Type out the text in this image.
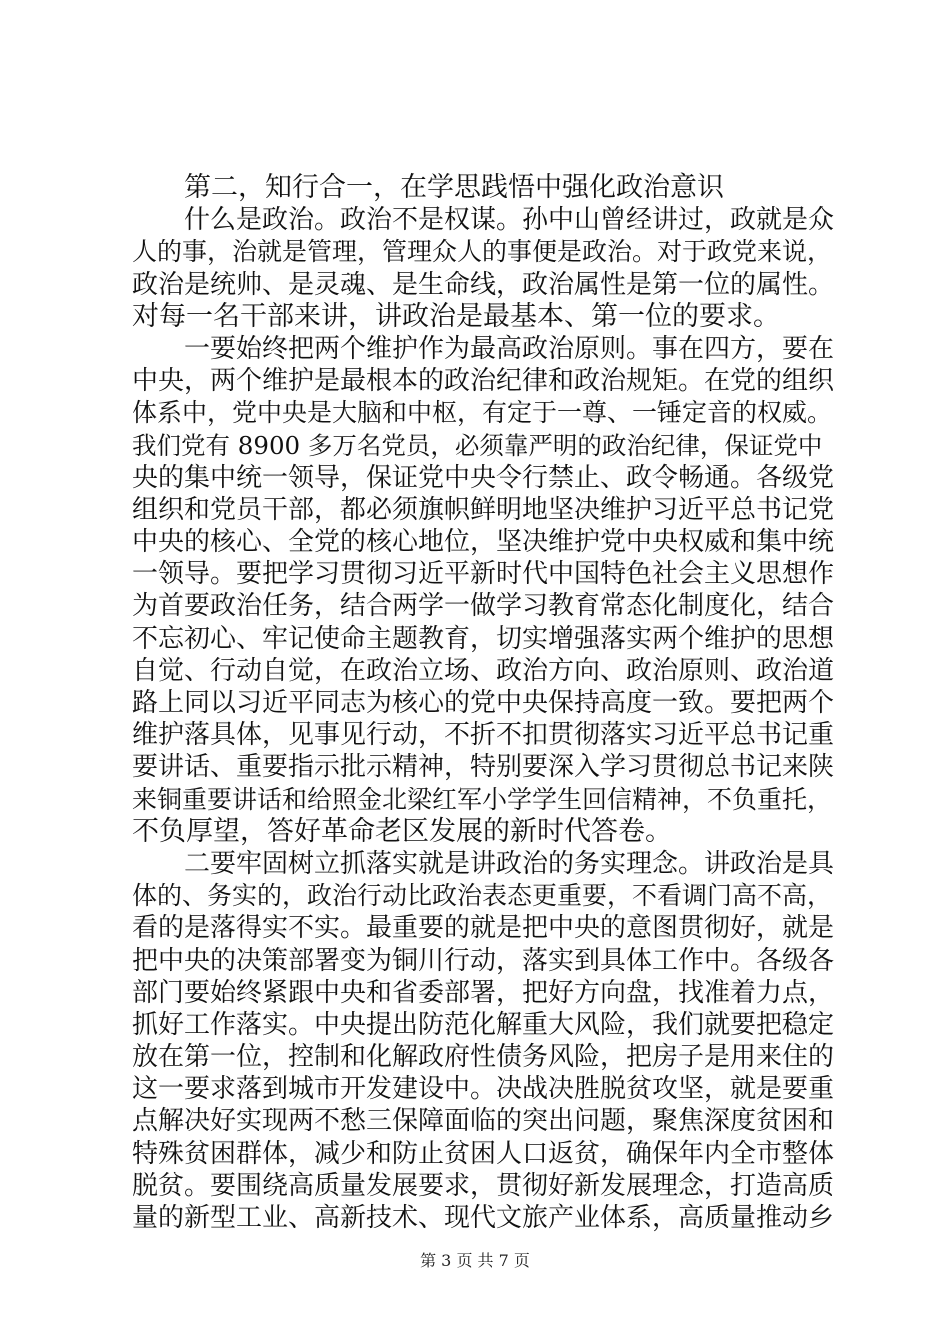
第二，知行合一，在学思践悟中强化政治意识
什么是政治。政治不是权谋。孙中山曾经讲过，政就是众
人的事，治就是管理，管理众人的事便是政治。对于政党来说，
政治是统帅、是灵魂、是生命线，政治属性是第一位的属性。
对每一名干部来讲，讲政治是最基本、第一位的要求。
一要始终把两个维护作为最高政治原则。事在四方，要在
中央，两个维护是最根本的政治纪律和政治规矩。在党的组织
体系中，党中央是大脑和中枢，有定于一尊、一锤定音的权威。
我们党有 8900 多万名党员，必须靠严明的政治纪律，保证党中
央的集中统一领导，保证党中央令行禁止、政令畅通。各级党
组织和党员干部，都必须旗帜鲜明地坚决维护习近平总书记党
中央的核心、全党的核心地位，坚决维护党中央权威和集中统
一领导。要把学习贯彻习近平新时代中国特色社会主义思想作
为首要政治任务，结合两学一做学习教育常态化制度化，结合
不忘初心、牢记使命主题教育，切实增强落实两个维护的思想
自觉、行动自觉，在政治立场、政治方向、政治原则、政治道
路上同以习近平同志为核心的党中央保持高度一致。要把两个
维护落具体，见事见行动，不折不扣贯彻落实习近平总书记重
要讲话、重要指示批示精神，特别要深入学习贯彻总书记来陕
来铜重要讲话和给照金北梁红军小学学生回信精神，不负重托，
不负厚望，答好革命老区发展的新时代答卷。
二要牢固树立抓落实就是讲政治的务实理念。讲政治是具
体的、务实的，政治行动比政治表态更重要，不看调门高不高，
看的是落得实不实。最重要的就是把中央的意图贯彻好，就是
把中央的决策部署变为铜川行动，落实到具体工作中。各级各
部门要始终紧跟中央和省委部署，把好方向盘，找准着力点，
抓好工作落实。中央提出防范化解重大风险，我们就要把稳定
放在第一位，控制和化解政府性债务风险，把房子是用来住的
这一要求落到城市开发建设中。决战决胜脱贫攻坚，就是要重
点解决好实现两不愁三保障面临的突出问题，聚焦深度贫困和
特殊贫困群体，减少和防止贫困人口返贫，确保年内全市整体
脱贫。要围绕高质量发展要求，贯彻好新发展理念，打造高质
量的新型工业、高新技术、现代文旅产业体系，高质量推动乡
第 3 页 共 7 页
